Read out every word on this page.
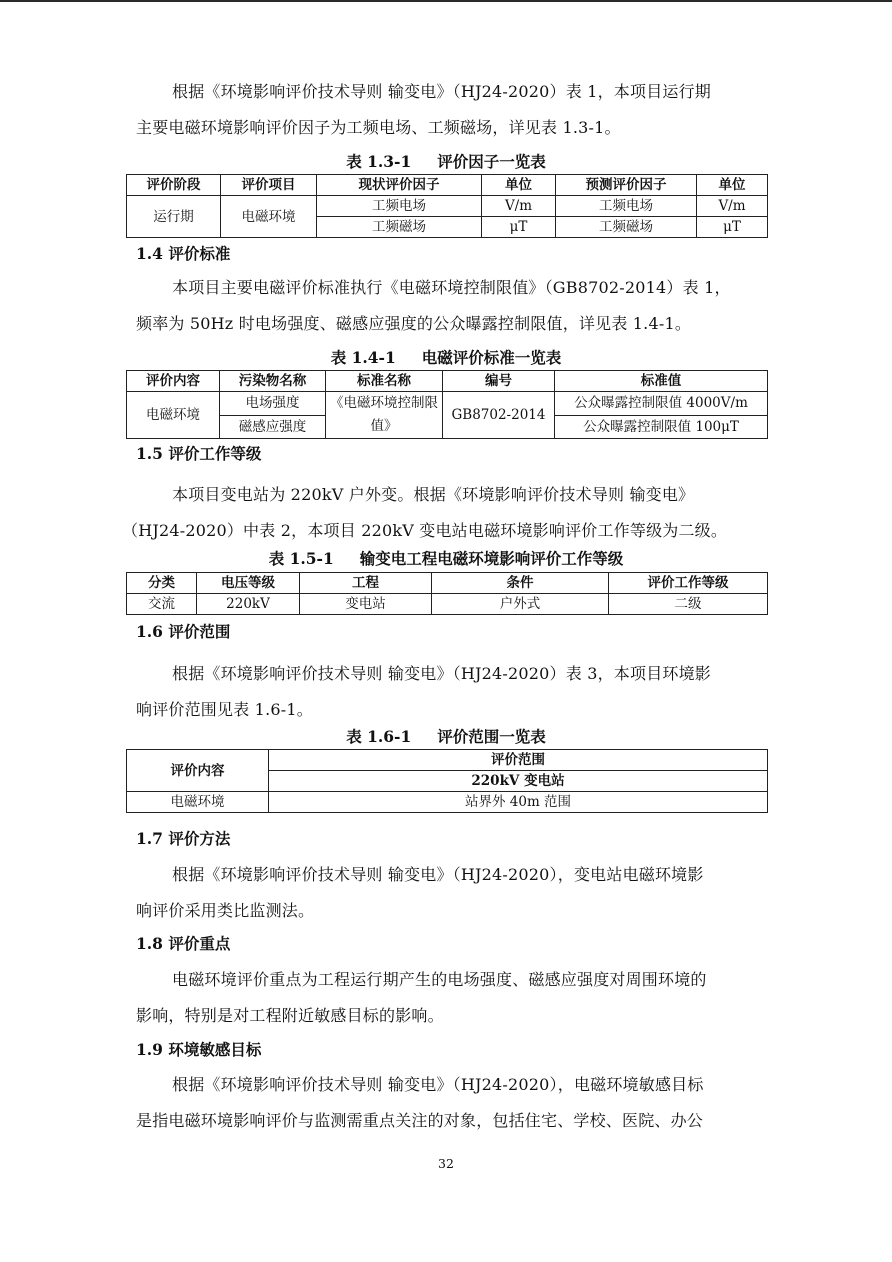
根据《环境影响评价技术导则 输变电》（HJ24-2020）表 1，本项目运行期
主要电磁环境影响评价因子为工频电场、工频磁场，详见表 1.3-1。
表 1.3-1 评价因子一览表
评价阶段	评价项目	现状评价因子	单位	预测评价因子	单位
运行期	电磁环境	工频电场	V/m	工频电场	V/m
		工频磁场	μT	工频磁场	μT
1.4 评价标准
本项目主要电磁评价标准执行《电磁环境控制限值》（GB8702-2014）表 1，
频率为 50Hz 时电场强度、磁感应强度的公众曝露控制限值，详见表 1.4-1。
表 1.4-1 电磁评价标准一览表
评价内容	污染物名称	标准名称	编号	标准值
电磁环境	电场强度	《电磁环境控制限值》	GB8702-2014	公众曝露控制限值 4000V/m
	磁感应强度			公众曝露控制限值 100μT
1.5 评价工作等级
本项目变电站为 220kV 户外变。根据《环境影响评价技术导则 输变电》
（HJ24-2020）中表 2，本项目 220kV 变电站电磁环境影响评价工作等级为二级。
表 1.5-1 输变电工程电磁环境影响评价工作等级
分类	电压等级	工程	条件	评价工作等级
交流	220kV	变电站	户外式	二级
1.6 评价范围
根据《环境影响评价技术导则 输变电》（HJ24-2020）表 3，本项目环境影
响评价范围见表 1.6-1。
表 1.6-1 评价范围一览表
评价内容	评价范围
	220kV 变电站
电磁环境	站界外 40m 范围
1.7 评价方法
根据《环境影响评价技术导则 输变电》（HJ24-2020），变电站电磁环境影
响评价采用类比监测法。
1.8 评价重点
电磁环境评价重点为工程运行期产生的电场强度、磁感应强度对周围环境的
影响，特别是对工程附近敏感目标的影响。
1.9 环境敏感目标
根据《环境影响评价技术导则 输变电》（HJ24-2020），电磁环境敏感目标
是指电磁环境影响评价与监测需重点关注的对象，包括住宅、学校、医院、办公
32
